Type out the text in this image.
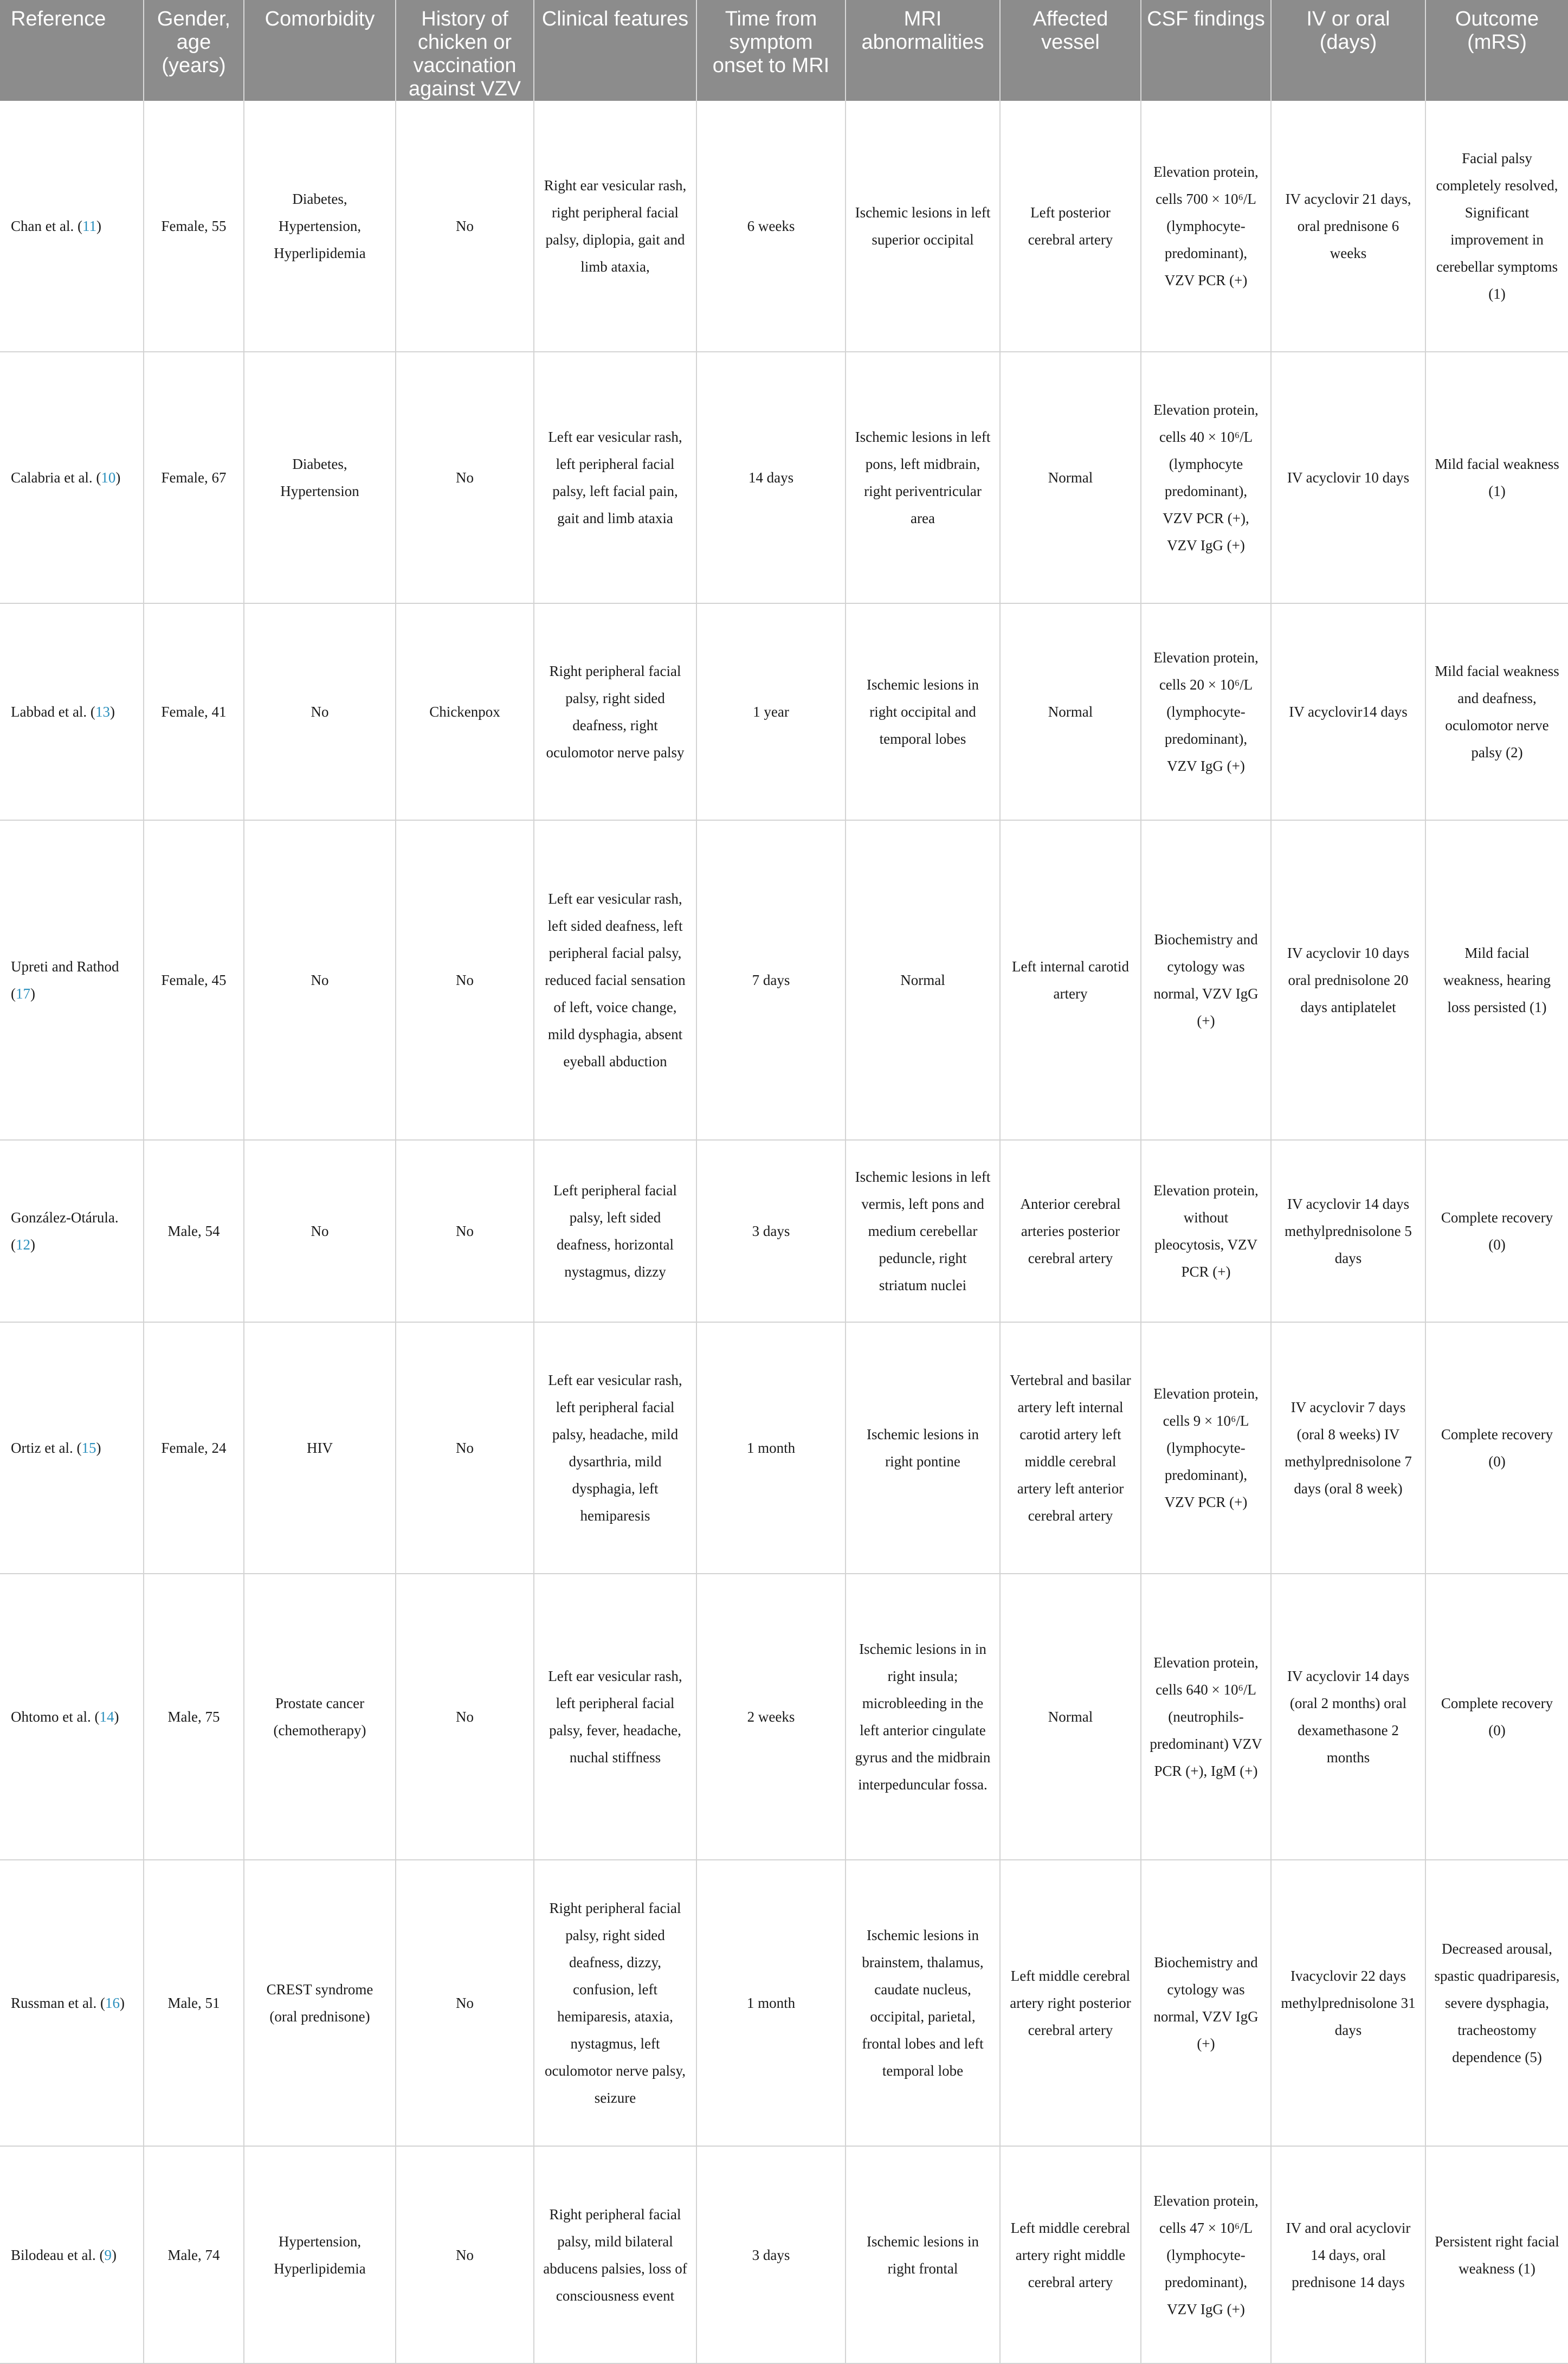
Reference	Gender, age (years)	Comorbidity	History of chicken or vaccination against VZV	Clinical features	Time from symptom onset to MRI	MRI abnormalities	Affected vessel	CSF findings	IV or oral (days)	Outcome (mRS)
Chan et al. (11)	Female, 55	Diabetes, Hypertension, Hyperlipidemia	No	Right ear vesicular rash, right peripheral facial palsy, diplopia, gait and limb ataxia,	6 weeks	Ischemic lesions in left superior occipital	Left posterior cerebral artery	Elevation protein, cells 700 × 10⁶/L (lymphocyte-predominant), VZV PCR (+)	IV acyclovir 21 days, oral prednisone 6 weeks	Facial palsy completely resolved, Significant improvement in cerebellar symptoms (1)
Calabria et al. (10)	Female, 67	Diabetes, Hypertension	No	Left ear vesicular rash, left peripheral facial palsy, left facial pain, gait and limb ataxia	14 days	Ischemic lesions in left pons, left midbrain, right periventricular area	Normal	Elevation protein, cells 40 × 10⁶/L (lymphocyte predominant), VZV PCR (+), VZV IgG (+)	IV acyclovir 10 days	Mild facial weakness (1)
Labbad et al. (13)	Female, 41	No	Chickenpox	Right peripheral facial palsy, right sided deafness, right oculomotor nerve palsy	1 year	Ischemic lesions in right occipital and temporal lobes	Normal	Elevation protein, cells 20 × 10⁶/L (lymphocyte-predominant), VZV IgG (+)	IV acyclovir14 days	Mild facial weakness and deafness, oculomotor nerve palsy (2)
Upreti and Rathod (17)	Female, 45	No	No	Left ear vesicular rash, left sided deafness, left peripheral facial palsy, reduced facial sensation of left, voice change, mild dysphagia, absent eyeball abduction	7 days	Normal	Left internal carotid artery	Biochemistry and cytology was normal, VZV IgG (+)	IV acyclovir 10 days oral prednisolone 20 days antiplatelet	Mild facial weakness, hearing loss persisted (1)
González-Otárula. (12)	Male, 54	No	No	Left peripheral facial palsy, left sided deafness, horizontal nystagmus, dizzy	3 days	Ischemic lesions in left vermis, left pons and medium cerebellar peduncle, right striatum nuclei	Anterior cerebral arteries posterior cerebral artery	Elevation protein, without pleocytosis, VZV PCR (+)	IV acyclovir 14 days methylprednisolone 5 days	Complete recovery (0)
Ortiz et al. (15)	Female, 24	HIV	No	Left ear vesicular rash, left peripheral facial palsy, headache, mild dysarthria, mild dysphagia, left hemiparesis	1 month	Ischemic lesions in right pontine	Vertebral and basilar artery left internal carotid artery left middle cerebral artery left anterior cerebral artery	Elevation protein, cells 9 × 10⁶/L (lymphocyte-predominant), VZV PCR (+)	IV acyclovir 7 days (oral 8 weeks) IV methylprednisolone 7 days (oral 8 week)	Complete recovery (0)
Ohtomo et al. (14)	Male, 75	Prostate cancer (chemotherapy)	No	Left ear vesicular rash, left peripheral facial palsy, fever, headache, nuchal stiffness	2 weeks	Ischemic lesions in in right insula; microbleeding in the left anterior cingulate gyrus and the midbrain interpeduncular fossa.	Normal	Elevation protein, cells 640 × 10⁶/L (neutrophils-predominant) VZV PCR (+), IgM (+)	IV acyclovir 14 days (oral 2 months) oral dexamethasone 2 months	Complete recovery (0)
Russman et al. (16)	Male, 51	CREST syndrome (oral prednisone)	No	Right peripheral facial palsy, right sided deafness, dizzy, confusion, left hemiparesis, ataxia, nystagmus, left oculomotor nerve palsy, seizure	1 month	Ischemic lesions in brainstem, thalamus, caudate nucleus, occipital, parietal, frontal lobes and left temporal lobe	Left middle cerebral artery right posterior cerebral artery	Biochemistry and cytology was normal, VZV IgG (+)	Ivacyclovir 22 days methylprednisolone 31 days	Decreased arousal, spastic quadriparesis, severe dysphagia, tracheostomy dependence (5)
Bilodeau et al. (9)	Male, 74	Hypertension, Hyperlipidemia	No	Right peripheral facial palsy, mild bilateral abducens palsies, loss of consciousness event	3 days	Ischemic lesions in right frontal	Left middle cerebral artery right middle cerebral artery	Elevation protein, cells 47 × 10⁶/L (lymphocyte-predominant), VZV IgG (+)	IV and oral acyclovir 14 days, oral prednisone 14 days	Persistent right facial weakness (1)
